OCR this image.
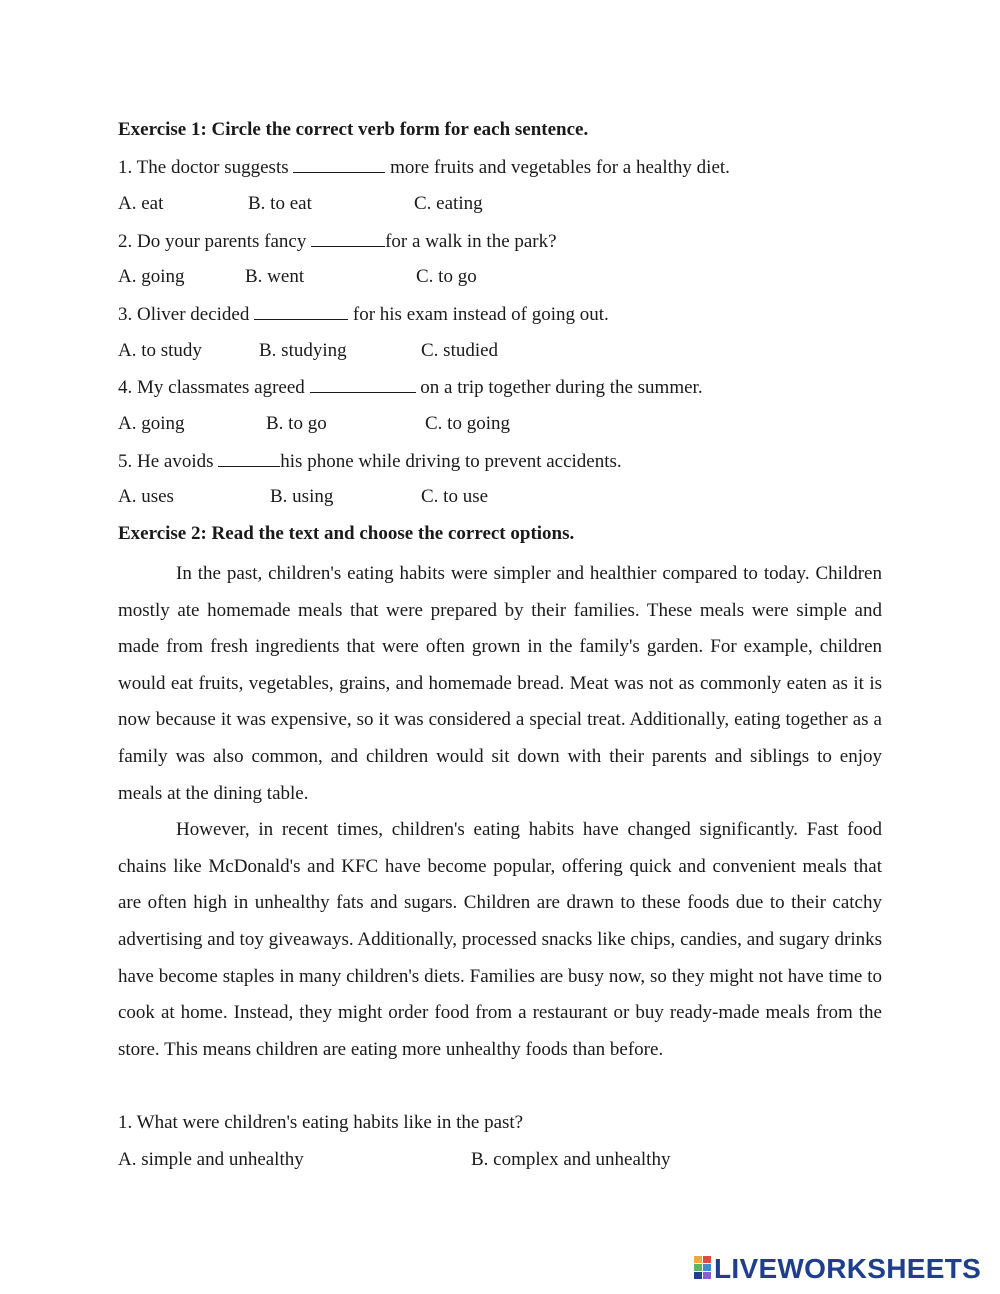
Exercise 1: Circle the correct verb form for each sentence.
1. The doctor suggests	more fruits and vegetables for a healthy diet.
A. eat	B. to eat	C. eating
2. Do your parents fancy	for a walk in the park?
A. going	B. went	C. to go
3. Oliver decided	for his exam instead of going out.
A. to study	B. studying	C. studied
4. My classmates agreed	on a trip together during the summer.
A. going	B. to go	C. to going
5. He avoids	his phone while driving to prevent accidents.
A. uses	B. using	C. to use
Exercise 2: Read the text and choose the correct options.

In the past, children's eating habits were simpler and healthier compared to today. Children mostly ate homemade meals that were prepared by their families. These meals were simple and made from fresh ingredients that were often grown in the family's garden. For example, children would eat fruits, vegetables, grains, and homemade bread. Meat was not as commonly eaten as it is now because it was expensive, so it was considered a special treat. Additionally, eating together as a family was also common, and children would sit down with their parents and siblings to enjoy meals at the dining table.

However, in recent times, children's eating habits have changed significantly. Fast food chains like McDonald's and KFC have become popular, offering quick and convenient meals that are often high in unhealthy fats and sugars. Children are drawn to these foods due to their catchy advertising and toy giveaways. Additionally, processed snacks like chips, candies, and sugary drinks have become staples in many children's diets. Families are busy now, so they might not have time to cook at home. Instead, they might order food from a restaurant or buy ready-made meals from the store. This means children are eating more unhealthy foods than before.

1. What were children's eating habits like in the past?
A. simple and unhealthy	B. complex and unhealthy
LIVEWORKSHEETS
